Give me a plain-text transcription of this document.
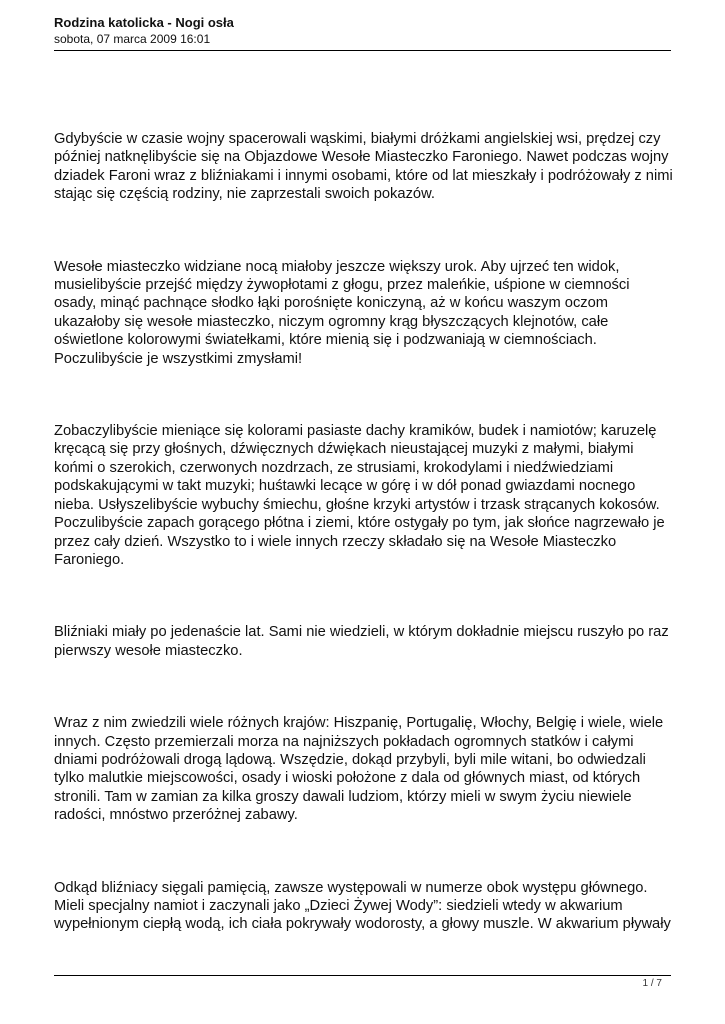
Rodzina katolicka - Nogi osła

sobota, 07 marca 2009 16:01

Gdybyście w czasie wojny spacerowali wąskimi, białymi dróżkami angielskiej wsi, prędzej czy później natknęlibyście się na Objazdowe Wesołe Miasteczko Faroniego. Nawet podczas wojny dziadek Faroni wraz z bliźniakami i innymi osobami, które od lat mieszkały i podróżowały z nimi stając się częścią rodziny, nie zaprzestali swoich pokazów.

Wesołe miasteczko widziane nocą miałoby jeszcze większy urok. Aby ujrzeć ten widok, musielibyście przejść między żywopłotami z głogu, przez maleńkie, uśpione w ciemności osady, minąć pachnące słodko łąki porośnięte koniczyną, aż w końcu waszym oczom ukazałoby się wesołe miasteczko, niczym ogromny krąg błyszczących klejnotów, całe oświetlone kolorowymi światełkami, które mienią się i podzwaniają w ciemnościach. Poczulibyście je wszystkimi zmysłami!

Zobaczylibyście mieniące się kolorami pasiaste dachy kramików, budek i namiotów; karuzelę kręcącą się przy głośnych, dźwięcznych dźwiękach nieustającej muzyki z małymi, białymi końmi o szerokich, czerwonych nozdrzach, ze strusiami, krokodylami i niedźwiedziami podskakującymi w takt muzyki; huśtawki lecące w górę i w dół ponad gwiazdami nocnego nieba. Usłyszelibyście wybuchy śmiechu, głośne krzyki artystów i trzask strącanych kokosów. Poczulibyście zapach gorącego płótna i ziemi, które ostygały po tym, jak słońce nagrzewało je przez cały dzień. Wszystko to i wiele innych rzeczy składało się na Wesołe Miasteczko Faroniego.

Bliźniaki miały po jedenaście lat. Sami nie wiedzieli, w którym dokładnie miejscu ruszyło po raz pierwszy wesołe miasteczko.

Wraz z nim zwiedzili wiele różnych krajów: Hiszpanię, Portugalię, Włochy, Belgię i wiele, wiele innych. Często przemierzali morza na najniższych pokładach ogromnych statków i całymi dniami podróżowali drogą lądową. Wszędzie, dokąd przybyli, byli mile witani, bo odwiedzali tylko malutkie miejscowości, osady i wioski położone z dala od głównych miast, od których stronili. Tam w zamian za kilka groszy dawali ludziom, którzy mieli w swym życiu niewiele radości, mnóstwo przeróżnej zabawy.

Odkąd bliźniacy sięgali pamięcią, zawsze występowali w numerze obok występu głównego. Mieli specjalny namiot i zaczynali jako „Dzieci Żywej Wody”: siedzieli wtedy w akwarium wypełnionym ciepłą wodą, ich ciała pokrywały wodorosty, a głowy muszle. W akwarium pływały

1 / 7
